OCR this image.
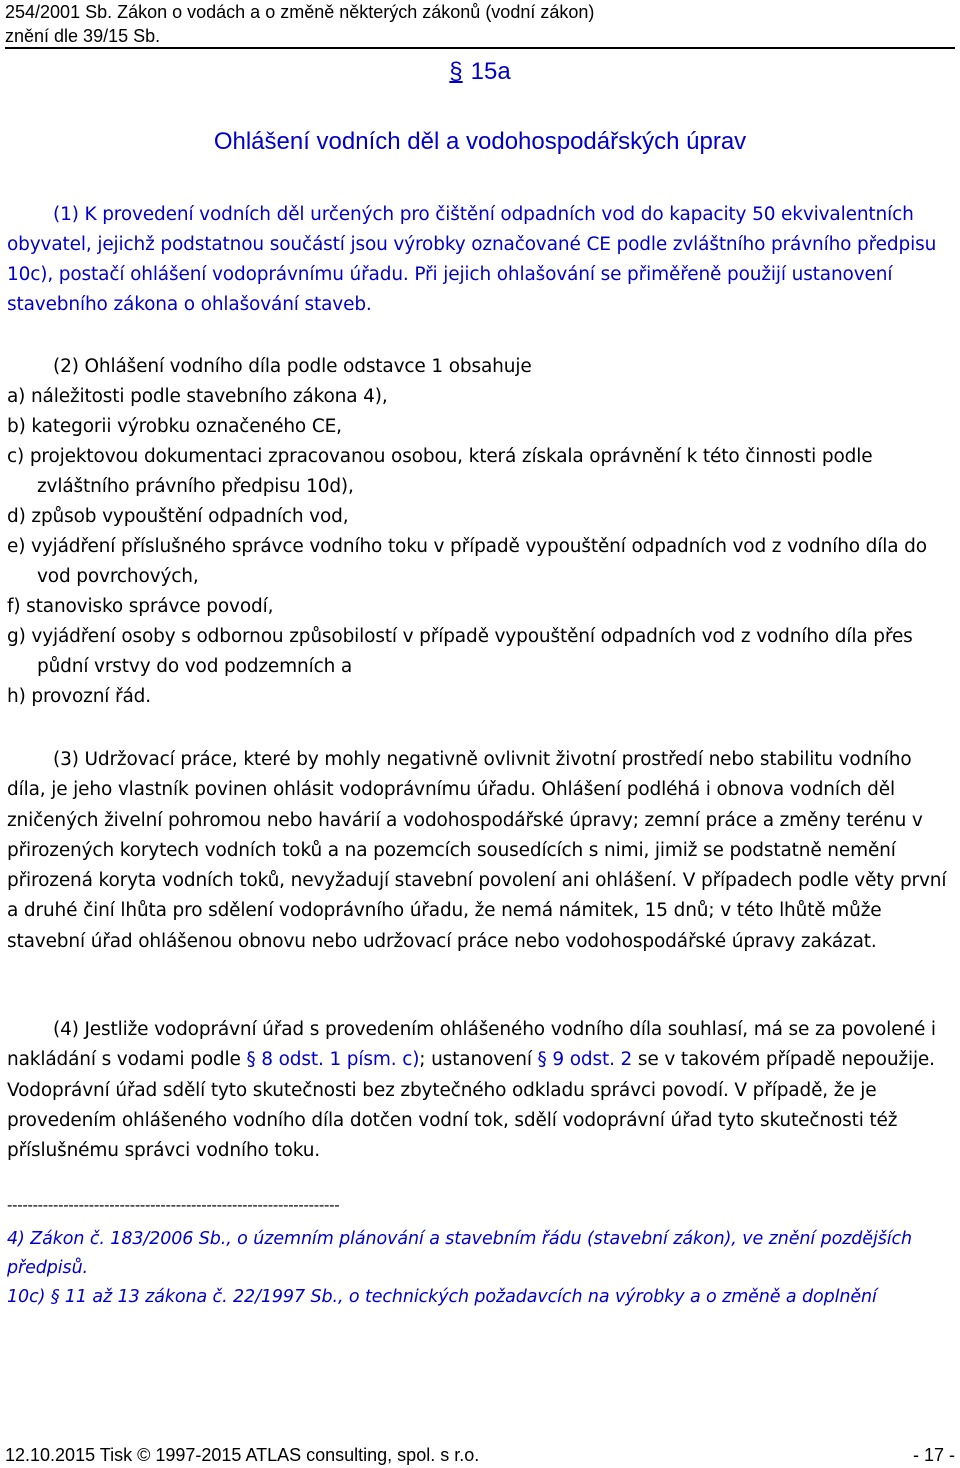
254/2001 Sb. Zákon o vodách a o změně některých zákonů (vodní zákon)
znění dle 39/15 Sb.
§ 15a
Ohlášení vodních děl a vodohospodářských úprav

(1) K provedení vodních děl určených pro čištění odpadních vod do kapacity 50 ekvivalentních obyvatel, jejichž podstatnou součástí jsou výrobky označované CE podle zvláštního právního předpisu 10c), postačí ohlášení vodoprávnímu úřadu. Při jejich ohlašování se přiměřeně použijí ustanovení stavebního zákona o ohlašování staveb.

(2) Ohlášení vodního díla podle odstavce 1 obsahuje

a) náležitosti podle stavebního zákona 4),
b) kategorii výrobku označeného CE,
c) projektovou dokumentaci zpracovanou osobou, která získala oprávnění k této činnosti podle zvláštního právního předpisu 10d),
d) způsob vypouštění odpadních vod,
e) vyjádření příslušného správce vodního toku v případě vypouštění odpadních vod z vodního díla do vod povrchových,
f) stanovisko správce povodí,
g) vyjádření osoby s odbornou způsobilostí v případě vypouštění odpadních vod z vodního díla přes půdní vrstvy do vod podzemních a
h) provozní řád.

(3) Udržovací práce, které by mohly negativně ovlivnit životní prostředí nebo stabilitu vodního díla, je jeho vlastník povinen ohlásit vodoprávnímu úřadu. Ohlášení podléhá i obnova vodních děl zničených živelní pohromou nebo havárií a vodohospodářské úpravy; zemní práce a změny terénu v přirozených korytech vodních toků a na pozemcích sousedících s nimi, jimiž se podstatně nemění přirozená koryta vodních toků, nevyžadují stavební povolení ani ohlášení. V případech podle věty první a druhé činí lhůta pro sdělení vodoprávního úřadu, že nemá námitek, 15 dnů; v této lhůtě může stavební úřad ohlášenou obnovu nebo udržovací práce nebo vodohospodářské úpravy zakázat.

(4) Jestliže vodoprávní úřad s provedením ohlášeného vodního díla souhlasí, má se za povolené i nakládání s vodami podle § 8 odst. 1 písm. c); ustanovení § 9 odst. 2 se v takovém případě nepoužije. Vodoprávní úřad sdělí tyto skutečnosti bez zbytečného odkladu správci povodí. V případě, že je provedením ohlášeného vodního díla dotčen vodní tok, sdělí vodoprávní úřad tyto skutečnosti též příslušnému správci vodního toku.

-----------------------------------------------------------------
4) Zákon č. 183/2006 Sb., o územním plánování a stavebním řádu (stavební zákon), ve znění pozdějších předpisů.
10c) § 11 až 13 zákona č. 22/1997 Sb., o technických požadavcích na výrobky a o změně a doplnění
12.10.2015 Tisk © 1997-2015 ATLAS consulting, spol. s r.o.	- 17 -
